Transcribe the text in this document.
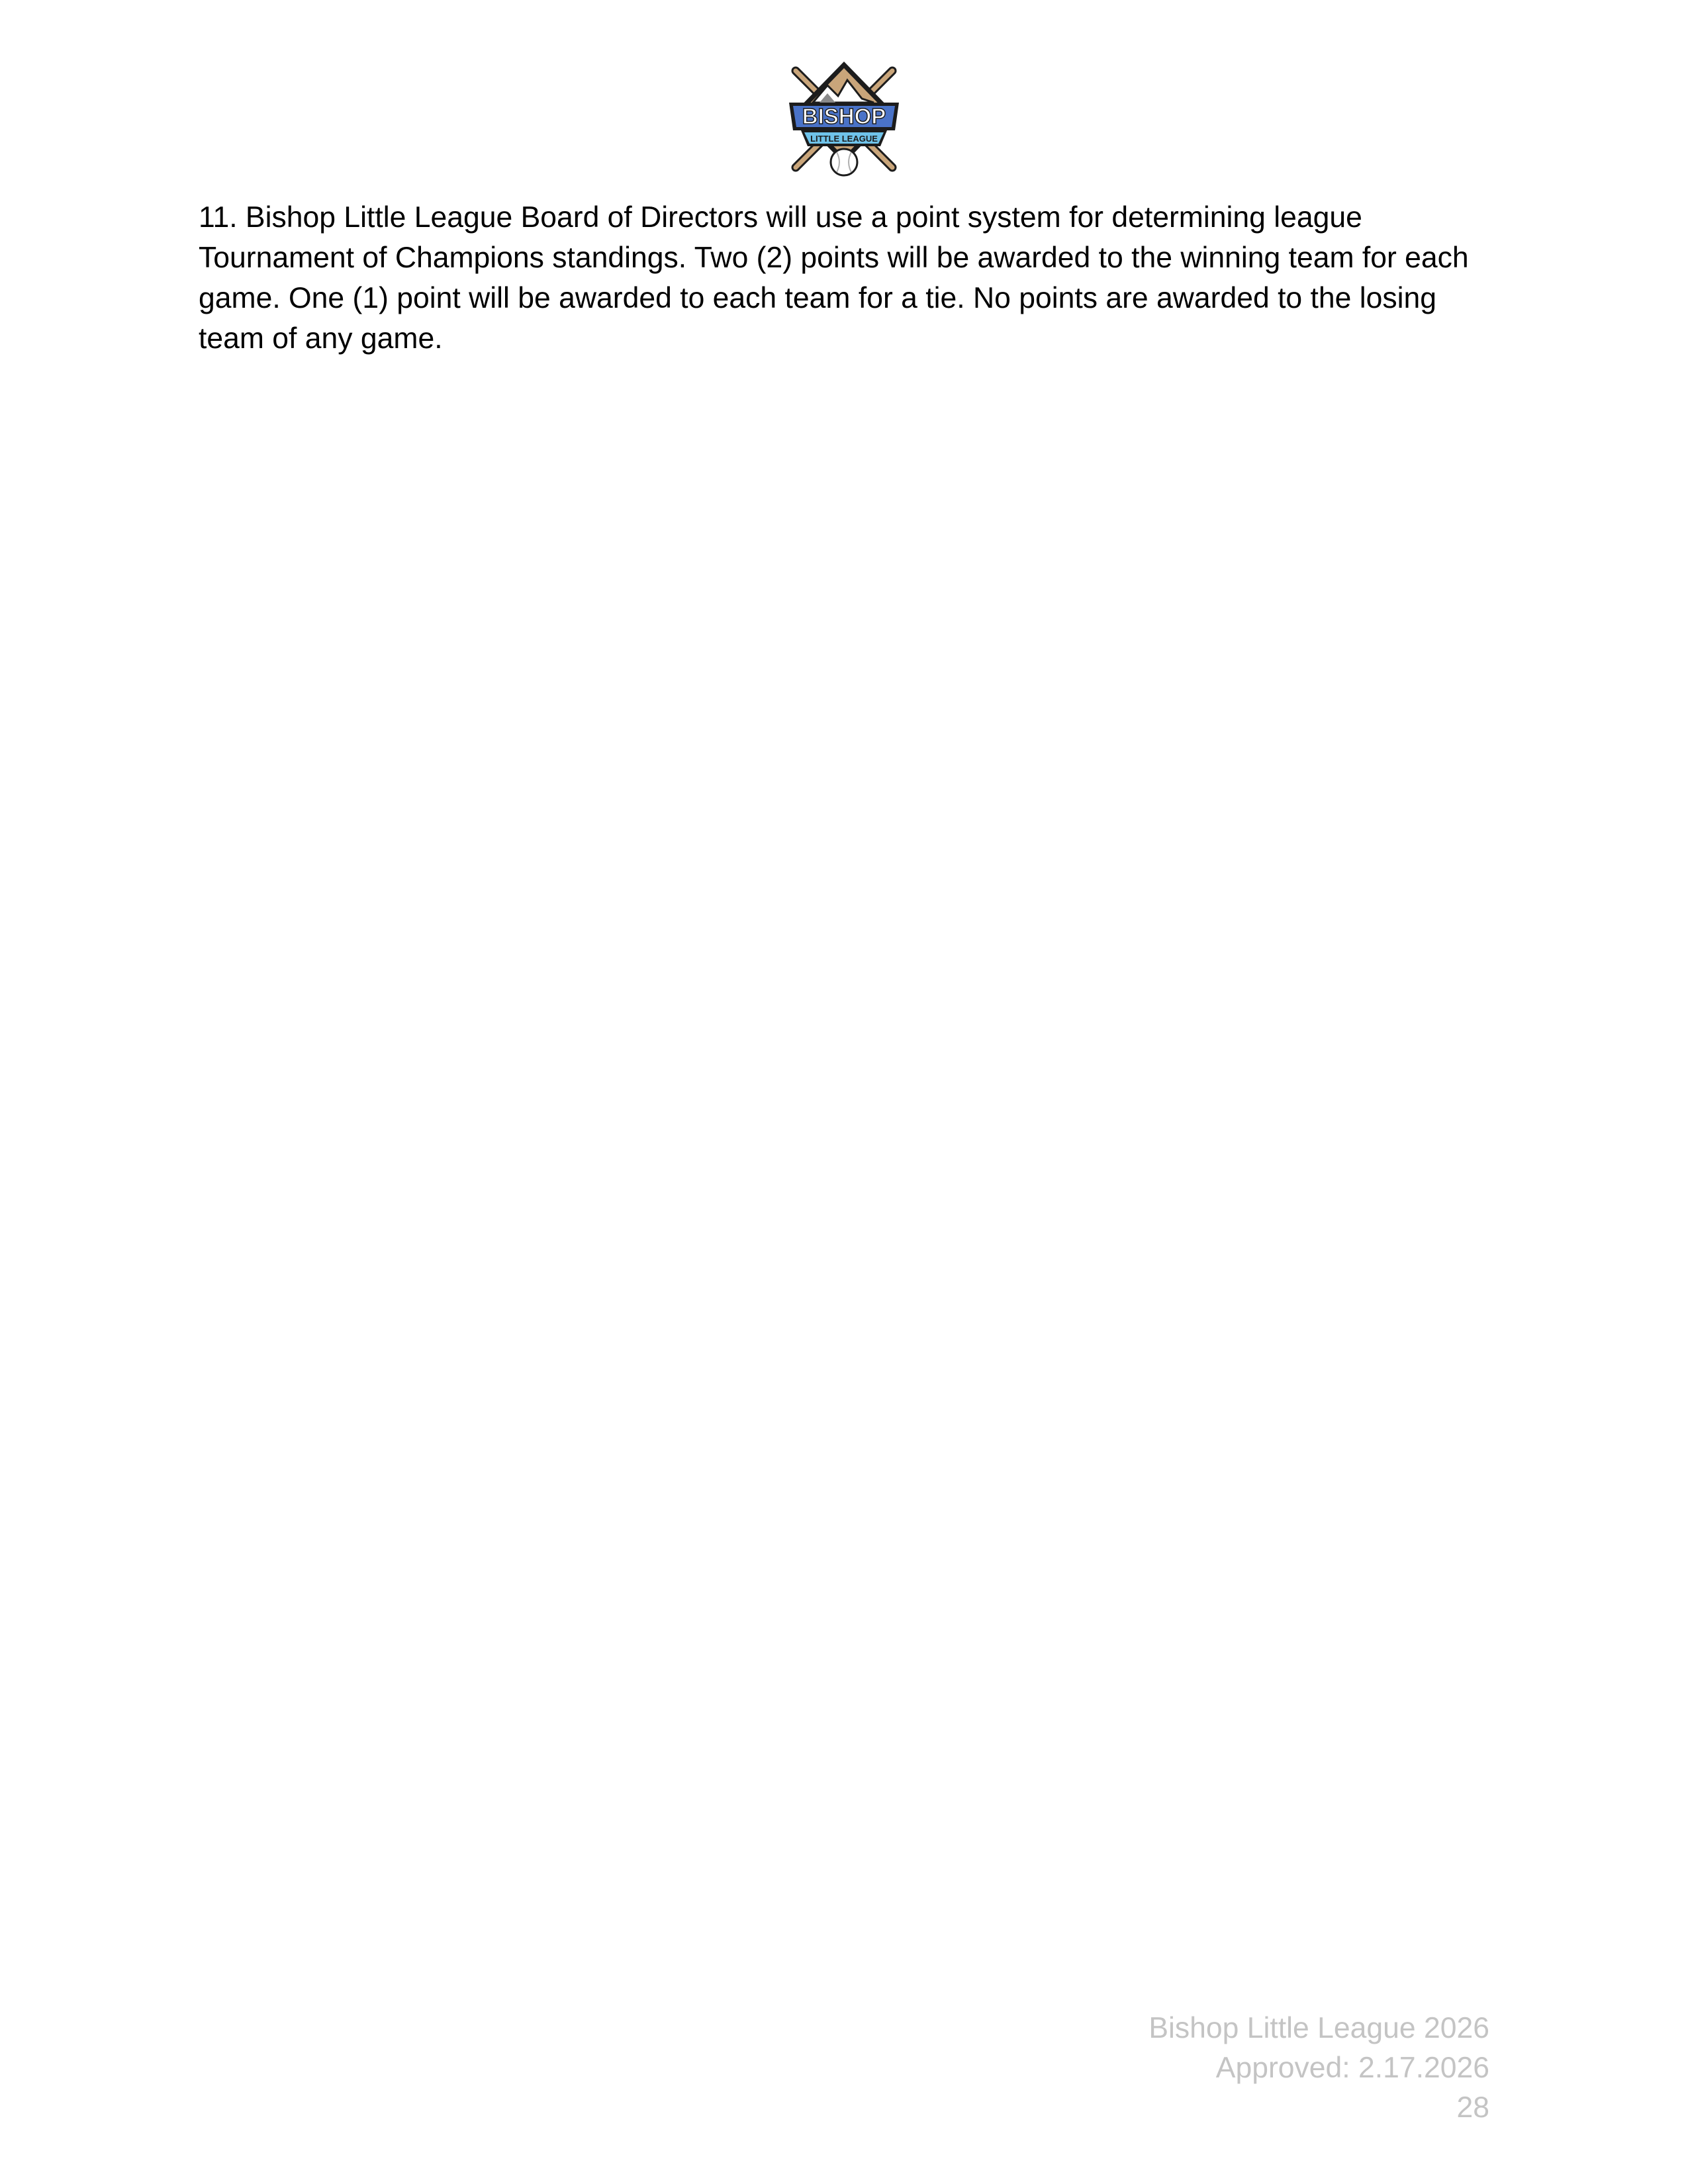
BISHOP
LITTLE LEAGUE

11. Bishop Little League Board of Directors will use a point system for determining league Tournament of Champions standings. Two (2) points will be awarded to the winning team for each game. One (1) point will be awarded to each team for a tie. No points are awarded to the losing team of any game.

Bishop Little League 2026
Approved: 2.17.2026
28
